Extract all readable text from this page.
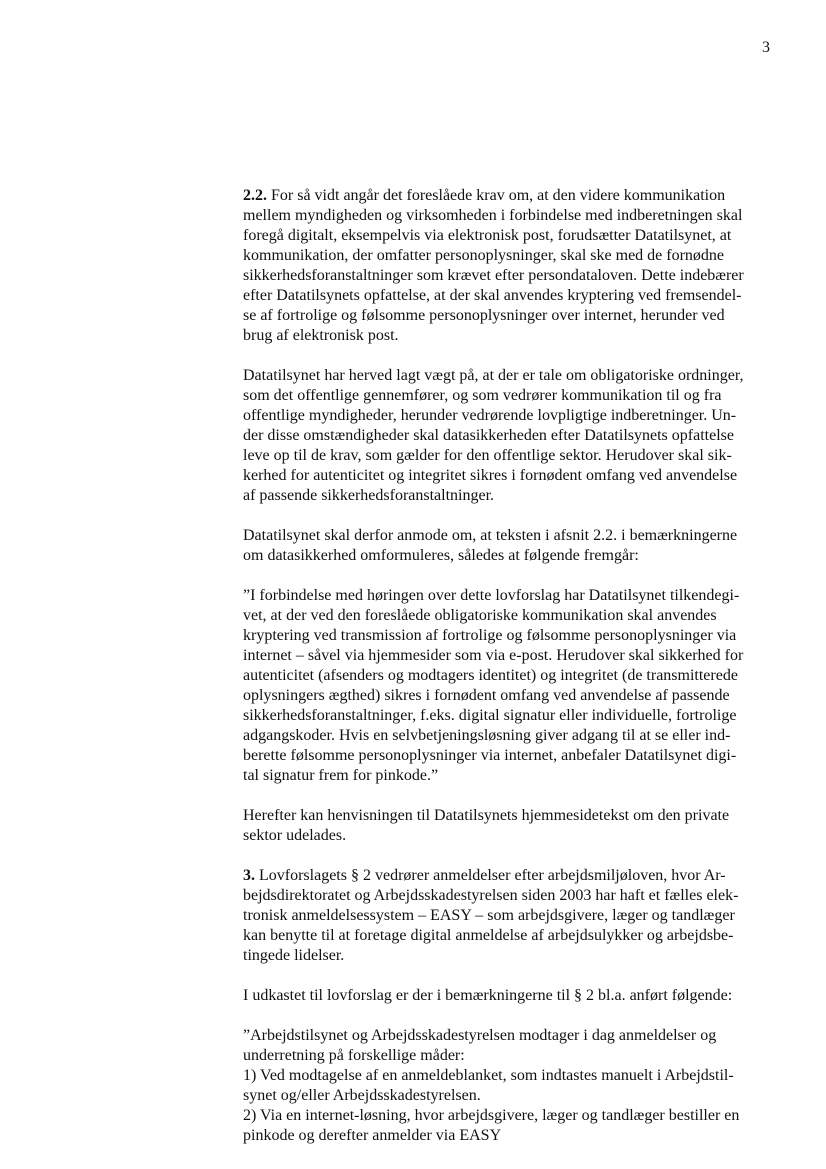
3

2.2. For så vidt angår det foreslåede krav om, at den videre kommunikation
mellem myndigheden og virksomheden i forbindelse med indberetningen skal
foregå digitalt, eksempelvis via elektronisk post, forudsætter Datatilsynet, at
kommunikation, der omfatter personoplysninger, skal ske med de fornødne
sikkerhedsforanstaltninger som krævet efter persondataloven. Dette indebærer
efter Datatilsynets opfattelse, at der skal anvendes kryptering ved fremsendel-
se af fortrolige og følsomme personoplysninger over internet, herunder ved
brug af elektronisk post.

Datatilsynet har herved lagt vægt på, at der er tale om obligatoriske ordninger,
som det offentlige gennemfører, og som vedrører kommunikation til og fra
offentlige myndigheder, herunder vedrørende lovpligtige indberetninger. Un-
der disse omstændigheder skal datasikkerheden efter Datatilsynets opfattelse
leve op til de krav, som gælder for den offentlige sektor. Herudover skal sik-
kerhed for autenticitet og integritet sikres i fornødent omfang ved anvendelse
af passende sikkerhedsforanstaltninger.

Datatilsynet skal derfor anmode om, at teksten i afsnit 2.2. i bemærkningerne
om datasikkerhed omformuleres, således at følgende fremgår:

”I forbindelse med høringen over dette lovforslag har Datatilsynet tilkendegi-
vet, at der ved den foreslåede obligatoriske kommunikation skal anvendes
kryptering ved transmission af fortrolige og følsomme personoplysninger via
internet – såvel via hjemmesider som via e-post. Herudover skal sikkerhed for
autenticitet (afsenders og modtagers identitet) og integritet (de transmitterede
oplysningers ægthed) sikres i fornødent omfang ved anvendelse af passende
sikkerhedsforanstaltninger, f.eks. digital signatur eller individuelle, fortrolige
adgangskoder. Hvis en selvbetjeningsløsning giver adgang til at se eller ind-
berette følsomme personoplysninger via internet, anbefaler Datatilsynet digi-
tal signatur frem for pinkode.”

Herefter kan henvisningen til Datatilsynets hjemmesidetekst om den private
sektor udelades.

3. Lovforslagets § 2 vedrører anmeldelser efter arbejdsmiljøloven, hvor Ar-
bejdsdirektoratet og Arbejdsskadestyrelsen siden 2003 har haft et fælles elek-
tronisk anmeldelsessystem – EASY – som arbejdsgivere, læger og tandlæger
kan benytte til at foretage digital anmeldelse af arbejdsulykker og arbejdsbe-
tingede lidelser.

I udkastet til lovforslag er der i bemærkningerne til § 2 bl.a. anført følgende:

”Arbejdstilsynet og Arbejdsskadestyrelsen modtager i dag anmeldelser og
underretning på forskellige måder:
1) Ved modtagelse af en anmeldeblanket, som indtastes manuelt i Arbejdstil-
synet og/eller Arbejdsskadestyrelsen.
2) Via en internet-løsning, hvor arbejdsgivere, læger og tandlæger bestiller en
pinkode og derefter anmelder via EASY
